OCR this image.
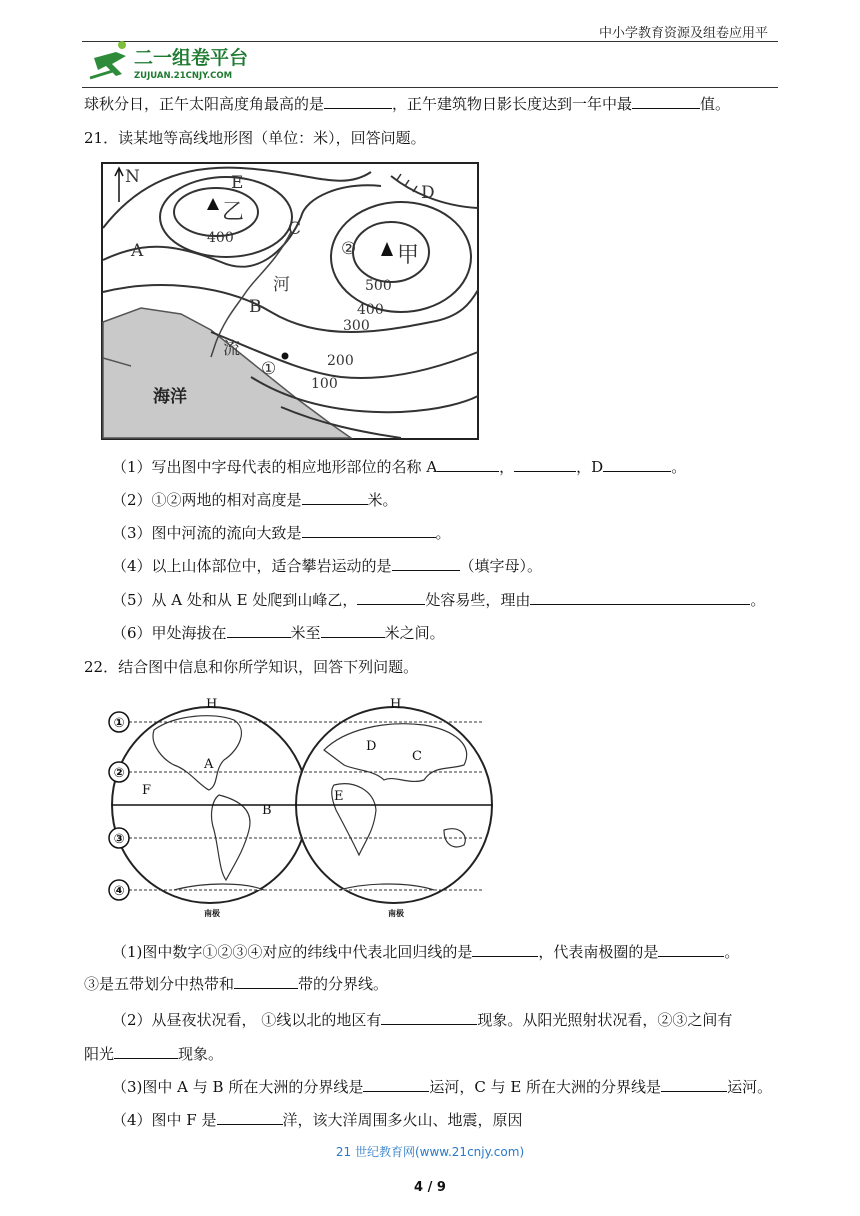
中小学教育资源及组卷应用平
二一组卷平台
ZUJUAN.21CNJY.COM
球秋分日，正午太阳高度角最高的是	，正午建筑物日影长度达到一年中最	值。
21．读某地等高线地形图（单位：米），回答问题。
N	E	D
C
A
B
乙
甲
②
①
河
流
400
500
400
300
200
100
海洋
（1）写出图中字母代表的相应地形部位的名称 A	，	，D	。
（2）①②两地的相对高度是	米。
（3）图中河流的流向大致是	。
（4）以上山体部位中，适合攀岩运动的是	（填字母）。
（5）从 A 处和从 E 处爬到山峰乙，	处容易些，理由	。
（6）甲处海拔在	米至	米之间。
22．结合图中信息和你所学知识，回答下列问题。
①
②
③
④
H	H
A
B
C
D
E
F
南极	南极
（1)图中数字①②③④对应的纬线中代表北回归线的是	，代表南极圈的是	。
③是五带划分中热带和	带的分界线。
（2）从昼夜状况看， ①线以北的地区有	现象。从阳光照射状况看，②③之间有
阳光	现象。
（3)图中 A 与 B 所在大洲的分界线是	运河，C 与 E 所在大洲的分界线是	运河。
（4）图中 F 是	洋，该大洋周围多火山、地震，原因
21 世纪教育网(www.21cnjy.com)
4 / 9
